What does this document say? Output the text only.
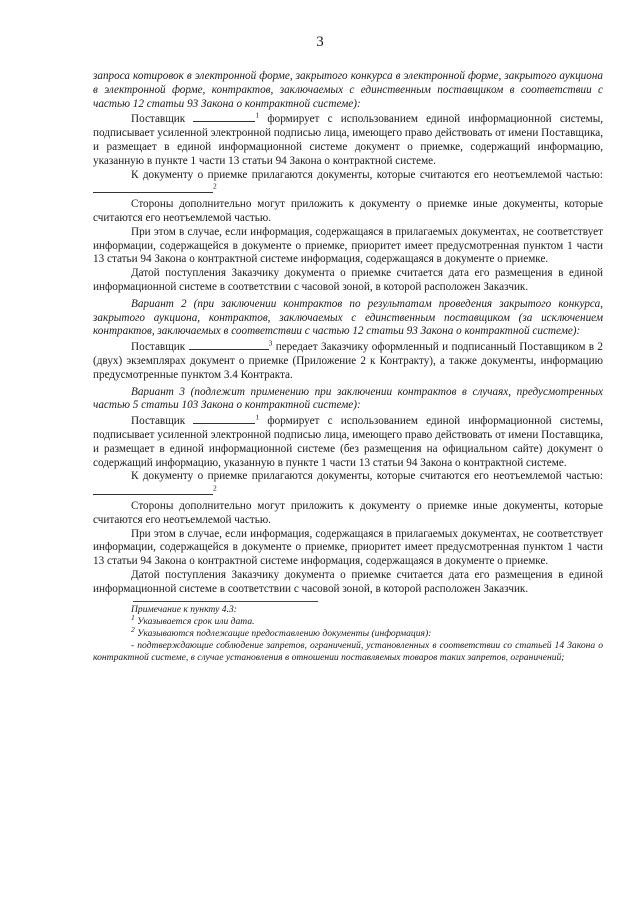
3

запроса котировок в электронной форме, закрытого конкурса в электронной форме, закрытого аукциона в электронной форме, контрактов, заключаемых с единственным поставщиком в соответствии с частью 12 статьи 93 Закона о контрактной системе):

Поставщик	$^1$ формирует с использованием единой информационной системы, подписывает усиленной электронной подписью лица, имеющего право действовать от имени Поставщика, и размещает в единой информационной системе документ о приемке, содержащий информацию, указанную в пункте 1 части 13 статьи 94 Закона о контрактной системе.

К документу о приемке прилагаются документы, которые считаются его неотъемлемой частью: $^2$

Стороны дополнительно могут приложить к документу о приемке иные документы, которые считаются его неотъемлемой частью.

При этом в случае, если информация, содержащаяся в прилагаемых документах, не соответствует информации, содержащейся в документе о приемке, приоритет имеет предусмотренная пунктом 1 части 13 статьи 94 Закона о контрактной системе информация, содержащаяся в документе о приемке.

Датой поступления Заказчику документа о приемке считается дата его размещения в единой информационной системе в соответствии с часовой зоной, в которой расположен Заказчик.

Вариант 2 (при заключении контрактов по результатам проведения закрытого конкурса, закрытого аукциона, контрактов, заключаемых с единственным поставщиком (за исключением контрактов, заключаемых в соответствии с частью 12 статьи 93 Закона о контрактной системе):

Поставщик	$^3$ передает Заказчику оформленный и подписанный Поставщиком в 2 (двух) экземплярах документ о приемке (Приложение 2 к Контракту), а также документы, информацию предусмотренные пунктом 3.4 Контракта.

Вариант 3 (подлежит применению при заключении контрактов в случаях, предусмотренных частью 5 статьи 103 Закона о контрактной системе):

Поставщик	$^1$ формирует с использованием единой информационной системы, подписывает усиленной электронной подписью лица, имеющего право действовать от имени Поставщика, и размещает в единой информационной системе (без размещения на официальном сайте) документ о содержащий информацию, указанную в пункте 1 части 13 статьи 94 Закона о контрактной системе.

К документу о приемке прилагаются документы, которые считаются его неотъемлемой частью: $^2$

Стороны дополнительно могут приложить к документу о приемке иные документы, которые считаются его неотъемлемой частью.

При этом в случае, если информация, содержащаяся в прилагаемых документах, не соответствует информации, содержащейся в документе о приемке, приоритет имеет предусмотренная пунктом 1 части 13 статьи 94 Закона о контрактной системе информация, содержащаяся в документе о приемке.

Датой поступления Заказчику документа о приемке считается дата его размещения в единой информационной системе в соответствии с часовой зоной, в которой расположен Заказчик.

Примечание к пункту 4.3:

$^1$ Указывается срок или дата.

$^2$ Указываются подлежащие предоставлению документы (информация):

- подтверждающие соблюдение запретов, ограничений, установленных в соответствии со статьей 14 Закона о контрактной системе, в случае установления в отношении поставляемых товаров таких запретов, ограничений;
